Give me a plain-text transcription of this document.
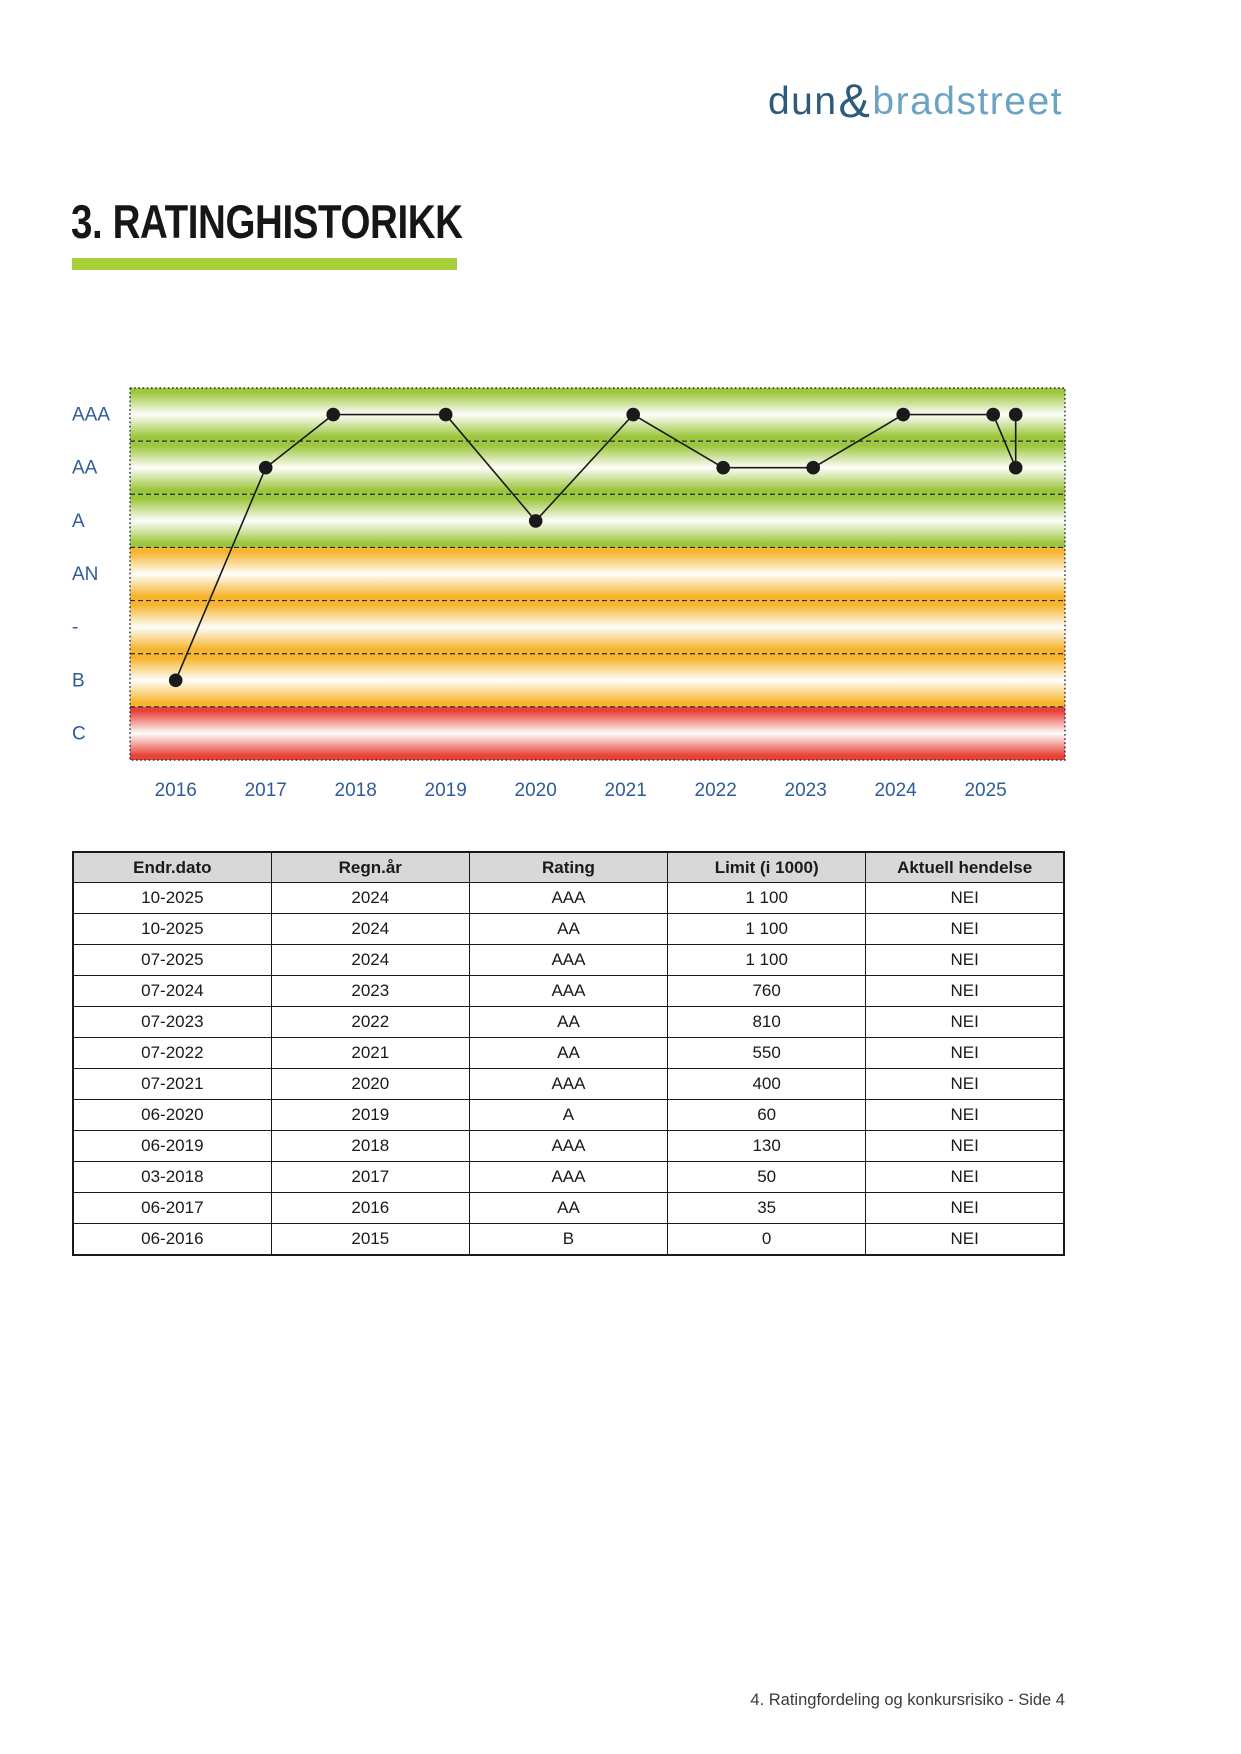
dun&bradstreet
3. RATINGHISTORIKK
AAA
AA
A
AN
-
B
C
2016	2017	2018	2019	2020	2021	2022	2023	2024	2025
Endr.dato	Regn.år	Rating	Limit (i 1000)	Aktuell hendelse
10-2025	2024	AAA	1 100	NEI
10-2025	2024	AA	1 100	NEI
07-2025	2024	AAA	1 100	NEI
07-2024	2023	AAA	760	NEI
07-2023	2022	AA	810	NEI
07-2022	2021	AA	550	NEI
07-2021	2020	AAA	400	NEI
06-2020	2019	A	60	NEI
06-2019	2018	AAA	130	NEI
03-2018	2017	AAA	50	NEI
06-2017	2016	AA	35	NEI
06-2016	2015	B	0	NEI
4. Ratingfordeling og konkursrisiko - Side 4
